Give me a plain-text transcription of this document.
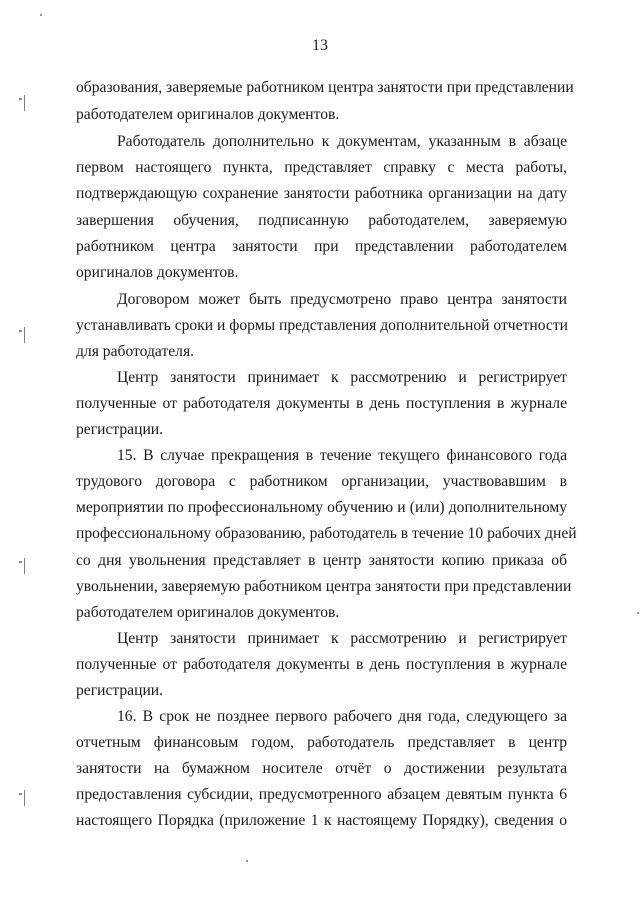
13
образования, заверяемые работником центра занятости при представлении
работодателем оригиналов документов.
Работодатель дополнительно к документам, указанным в абзаце
первом настоящего пункта, представляет справку с места работы,
подтверждающую сохранение занятости работника организации на дату
завершения обучения, подписанную работодателем, заверяемую
работником центра занятости при представлении работодателем
оригиналов документов.
Договором может быть предусмотрено право центра занятости
устанавливать сроки и формы представления дополнительной отчетности
для работодателя.
Центр занятости принимает к рассмотрению и регистрирует
полученные от работодателя документы в день поступления в журнале
регистрации.
15. В случае прекращения в течение текущего финансового года
трудового договора с работником организации, участвовавшим в
мероприятии по профессиональному обучению и (или) дополнительному
профессиональному образованию, работодатель в течение 10 рабочих дней
со дня увольнения представляет в центр занятости копию приказа об
увольнении, заверяемую работником центра занятости при представлении
работодателем оригиналов документов.
Центр занятости принимает к рассмотрению и регистрирует
полученные от работодателя документы в день поступления в журнале
регистрации.
16. В срок не позднее первого рабочего дня года, следующего за
отчетным финансовым годом, работодатель представляет в центр
занятости на бумажном носителе отчёт о достижении результата
предоставления субсидии, предусмотренного абзацем девятым пункта 6
настоящего Порядка (приложение 1 к настоящему Порядку), сведения о
